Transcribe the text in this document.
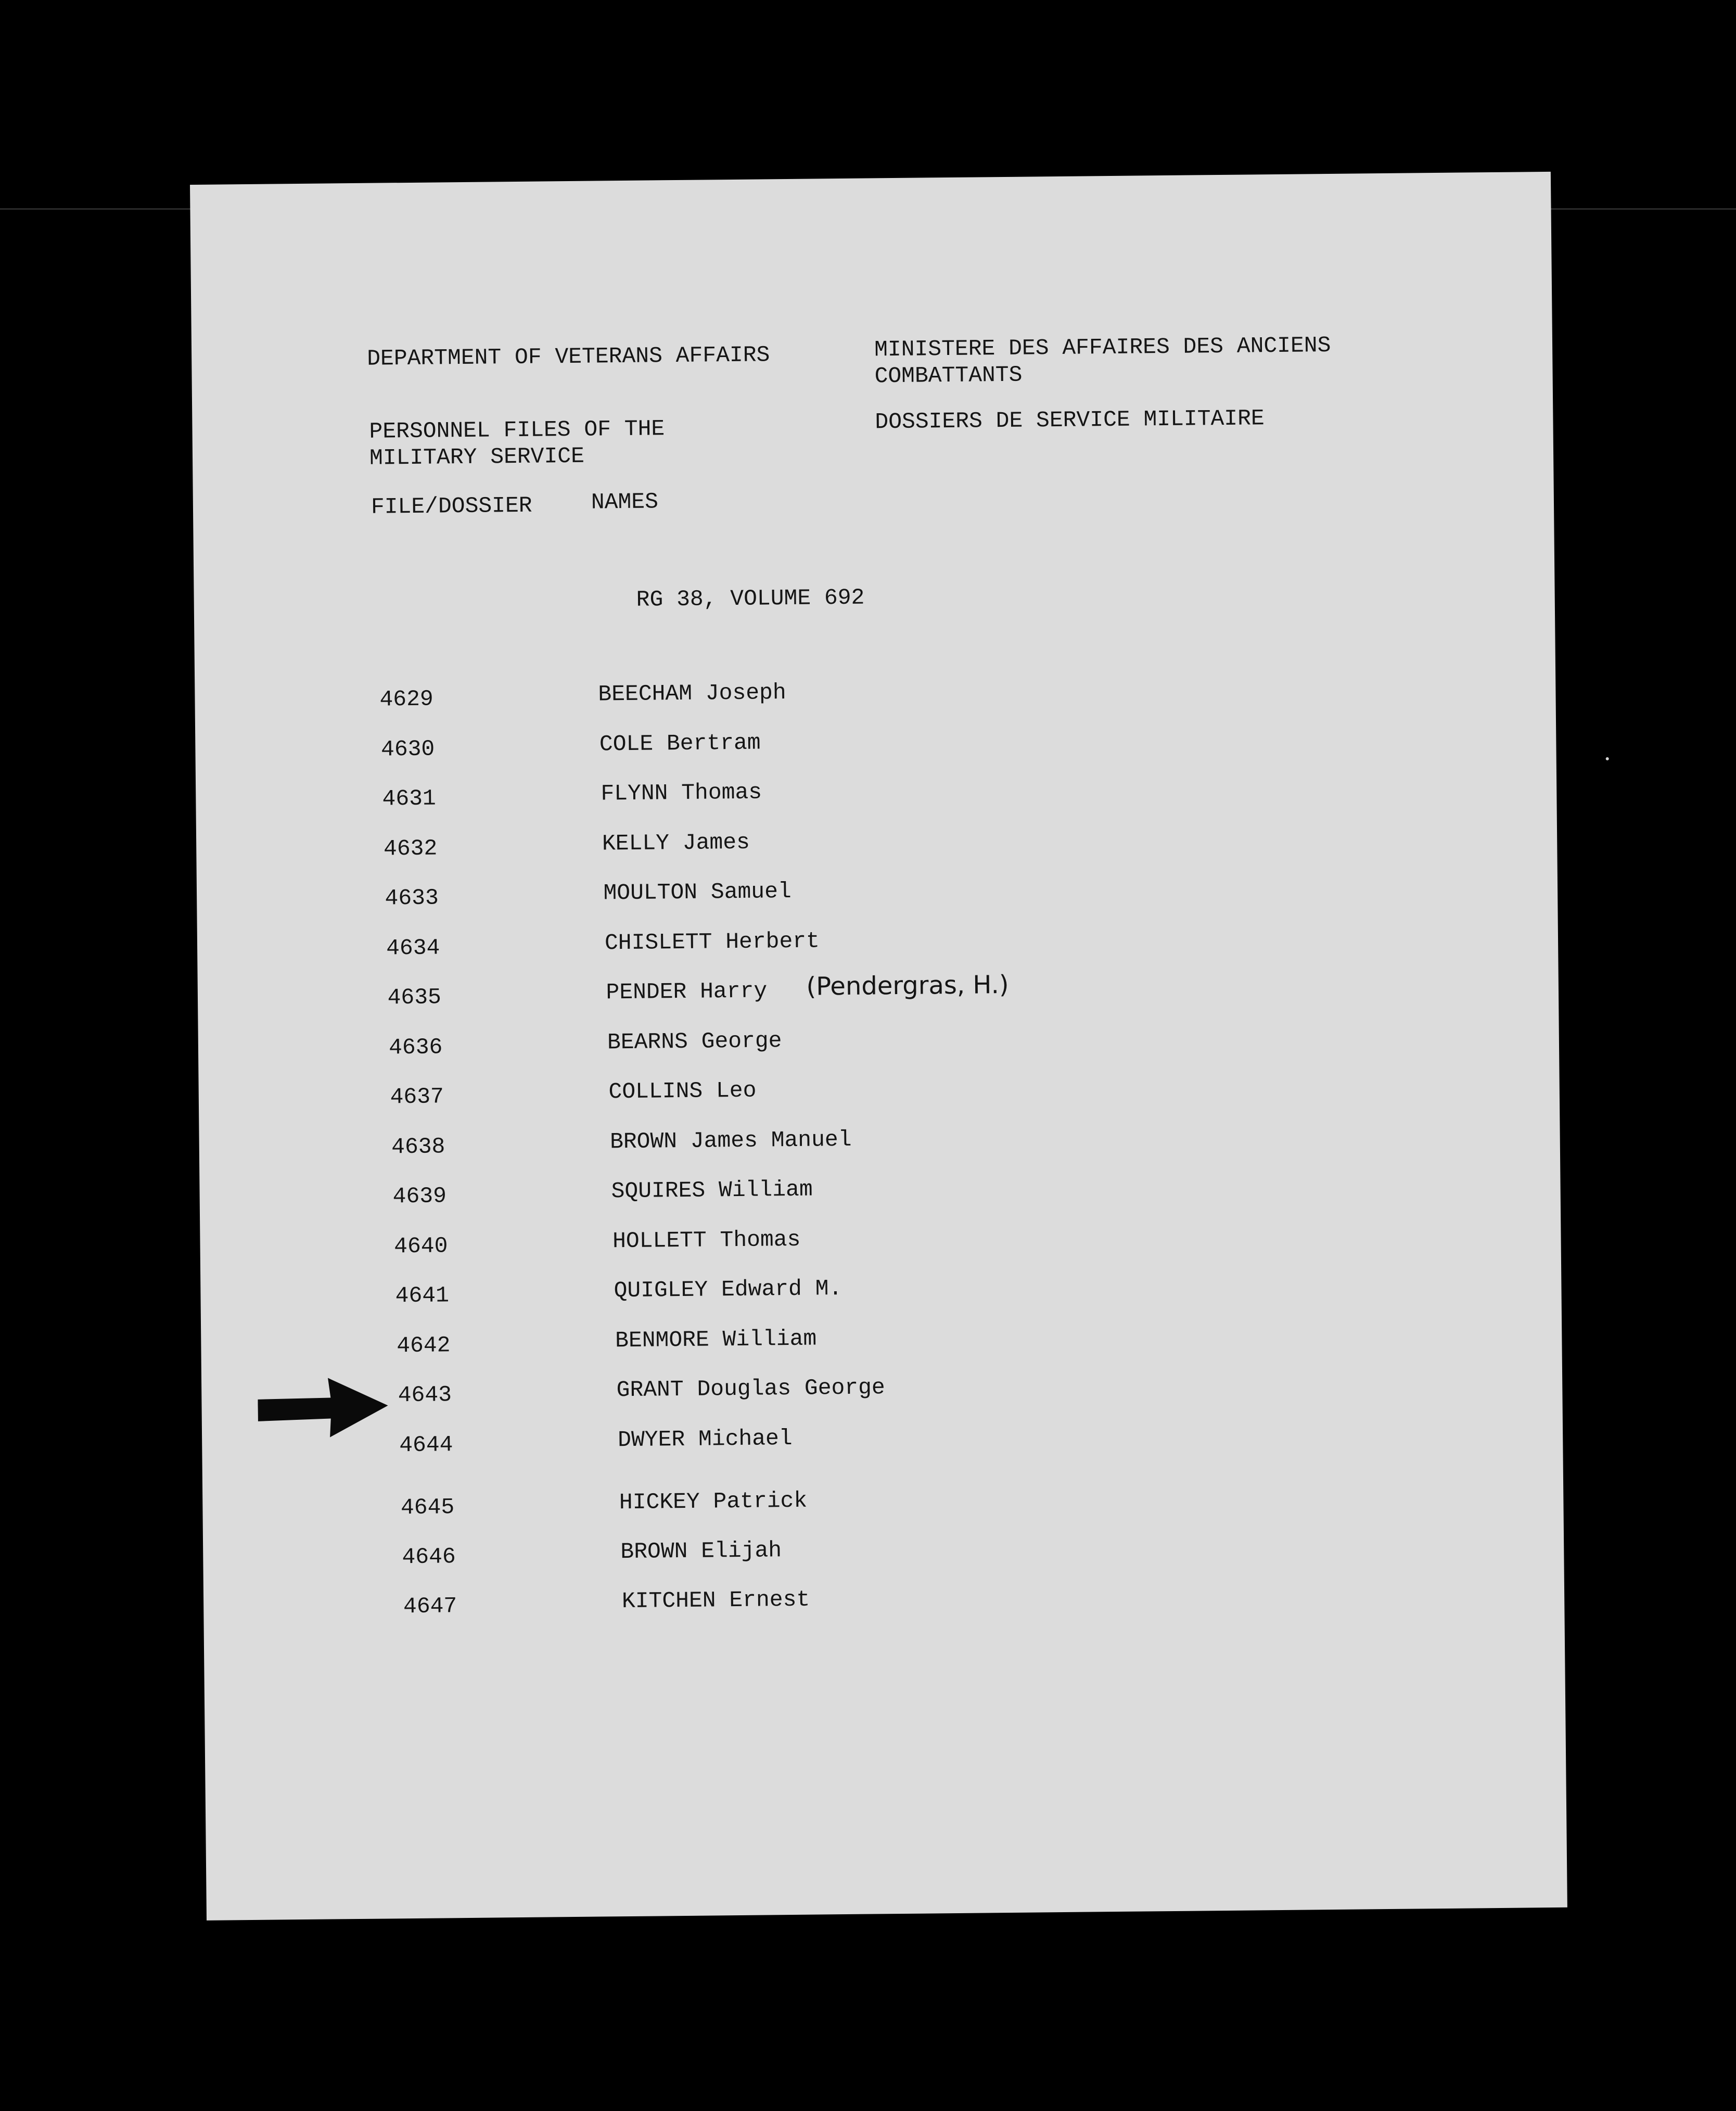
DEPARTMENT OF VETERANS AFFAIRS

PERSONNEL FILES OF THE

MILITARY SERVICE

MINISTERE DES AFFAIRES DES ANCIENS

COMBATTANTS

DOSSIERS DE SERVICE MILITAIRE

FILE/DOSSIER	NAMES

RG 38, VOLUME 692

4629	BEECHAM Joseph

4630	COLE Bertram

4631	FLYNN Thomas

4632	KELLY James

4633	MOULTON Samuel

4634	CHISLETT Herbert

4635	PENDER Harry (Pendergras, H.)

4636	BEARNS George

4637	COLLINS Leo

4638	BROWN James Manuel

4639	SQUIRES William

4640	HOLLETT Thomas

4641	QUIGLEY Edward M.

4642	BENMORE William

4643	GRANT Douglas George

4644	DWYER Michael

4645	HICKEY Patrick

4646	BROWN Elijah

4647	KITCHEN Ernest
